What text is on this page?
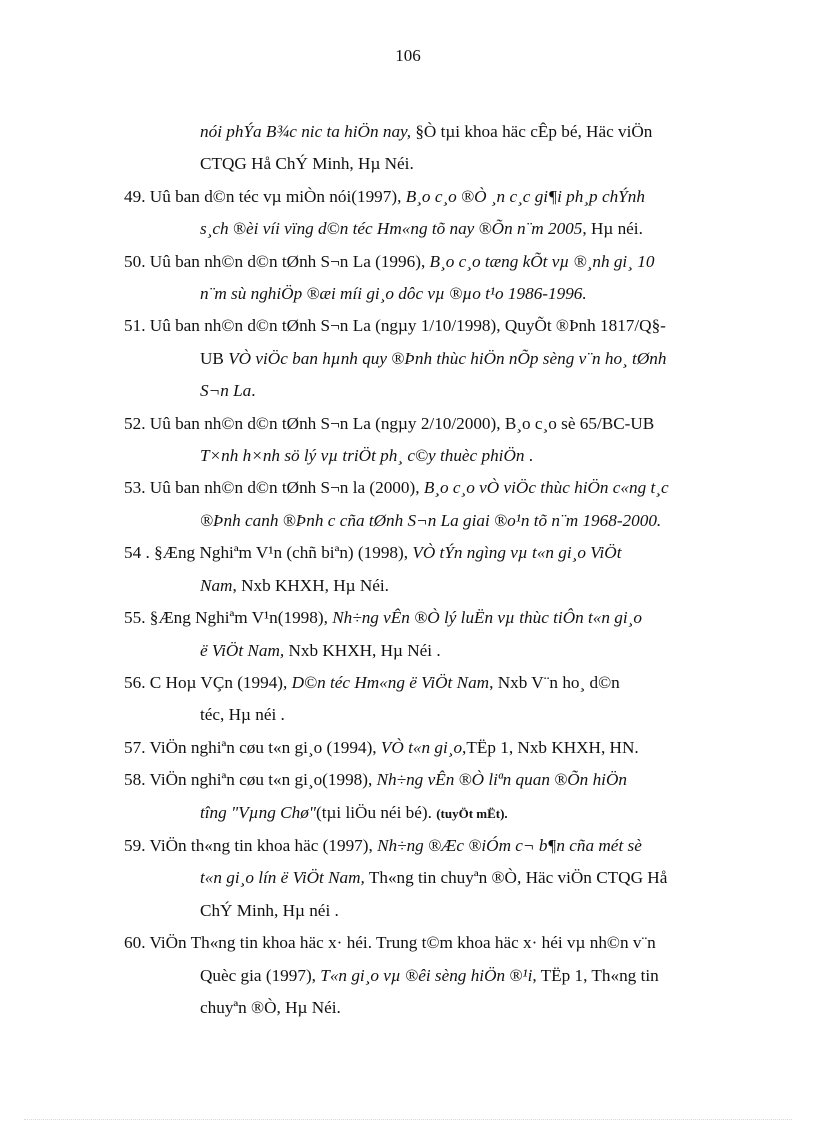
106
nói phÝa B¾c nic ta hiÖn nay, §Ò tµi khoa häc cÊp bé, Häc viÖn
CTQG Hå ChÝ Minh, Hµ Néi.
49. Uû ban d©n téc vµ miÒn nói(1997), B¸o c¸o ®Ò ¸n c¸c gi¶i ph¸p chÝnh
s¸ch ®èi víi vïng d©n téc Hm«ng tõ nay ®Õn n¨m 2005, Hµ néi.
50. Uû ban nh©n d©n tØnh S¬n La (1996), B¸o c¸o tæng kÕt vµ ®¸nh gi¸ 10
n¨m sù nghiÖp ®æi míi gi¸o dôc vµ ®µo t¹o 1986-1996.
51. Uû ban nh©n d©n tØnh S¬n La (ngµy 1/10/1998), QuyÕt ®Þnh 1817/Q§-
UB VÒ viÖc ban hµnh quy ®Þnh thùc hiÖn nÕp sèng v¨n ho¸ tØnh
S¬n La.
52. Uû ban nh©n d©n tØnh S¬n La (ngµy 2/10/2000), B¸o c¸o sè 65/BC-UB
T×nh h×nh sö lý vµ triÖt ph¸ c©y thuèc phiÖn .
53. Uû ban nh©n d©n tØnh S¬n la (2000), B¸o c¸o vÒ viÖc thùc hiÖn c«ng t¸c
®Þnh canh ®Þnh c cña tØnh S¬n La giai ®o¹n tõ n¨m 1968-2000.
54 . §Æng Nghiªm V¹n (chñ biªn) (1998), VÒ tÝn ngìng vµ t«n gi¸o ViÖt
Nam, Nxb KHXH, Hµ Néi.
55. §Æng Nghiªm V¹n(1998), Nh÷ng vÊn ®Ò lý luËn vµ thùc tiÔn t«n gi¸o
ë ViÖt Nam, Nxb KHXH, Hµ Néi .
56. C Hoµ VÇn (1994), D©n téc Hm«ng ë ViÖt Nam, Nxb V¨n ho¸ d©n
téc, Hµ néi .
57. ViÖn nghiªn cøu t«n gi¸o (1994), VÒ t«n gi¸o,TËp 1, Nxb KHXH, HN.
58. ViÖn nghiªn cøu t«n gi¸o(1998), Nh÷ng vÊn ®Ò liªn quan ®Õn hiÖn
tîng "Vµng Chø"(tµi liÖu néi bé). (tuyÖt mËt).
59. ViÖn th«ng tin khoa häc (1997), Nh÷ng ®Æc ®iÓm c¬ b¶n cña mét sè
t«n gi¸o lín ë ViÖt Nam, Th«ng tin chuyªn ®Ò, Häc viÖn CTQG Hå
ChÝ Minh, Hµ néi .
60. ViÖn Th«ng tin khoa häc x· héi. Trung t©m khoa häc x· héi vµ nh©n v¨n
Quèc gia (1997), T«n gi¸o vµ ®êi sèng hiÖn ®¹i, TËp 1, Th«ng tin
chuyªn ®Ò, Hµ Néi.
